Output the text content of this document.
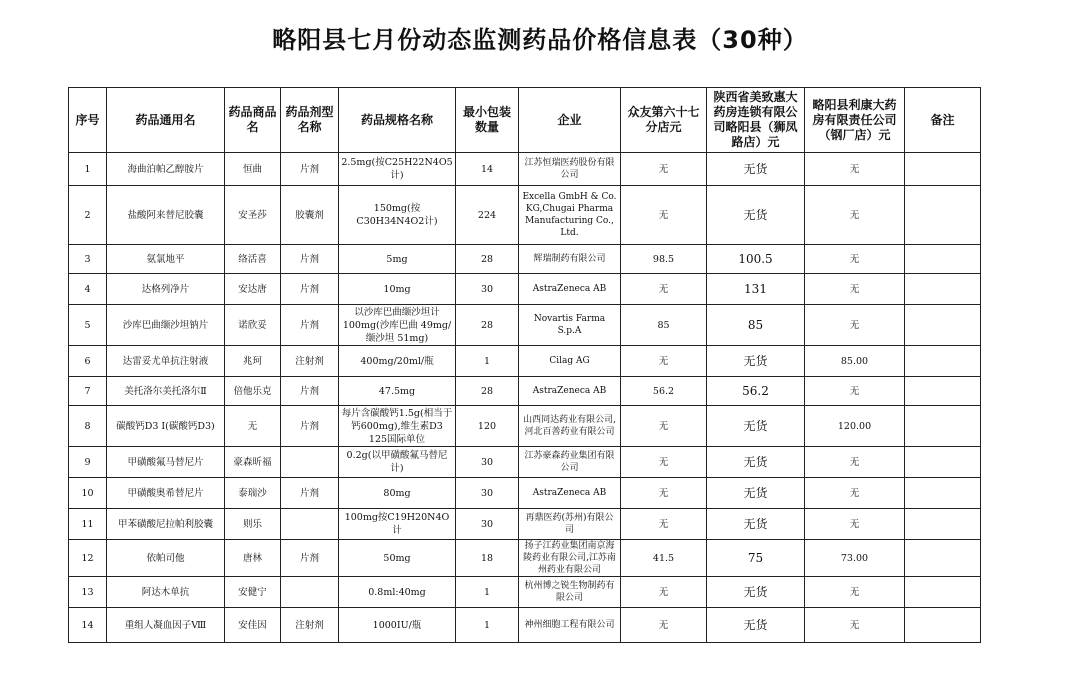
略阳县七月份动态监测药品价格信息表（30种）
序号	药品通用名	药品商品名	药品剂型名称	药品规格名称	最小包装数量	企业	众友第六十七分店元	陕西省美致惠大药房连锁有限公司略阳县（狮凤路店）元	略阳县利康大药房有限责任公司（钢厂店）元	备注
1	海曲泊帕乙醇胺片	恒曲	片剂	2.5mg(按C25H22N4O5计)	14	江苏恒瑞医药股份有限公司	无	无货	无	
2	盐酸阿来替尼胶囊	安圣莎	胶囊剂	150mg(按C30H34N4O2计)	224	Excella GmbH & Co. KG,Chugai Pharma Manufacturing Co., Ltd.	无	无货	无	
3	氨氯地平	络活喜	片剂	5mg	28	辉瑞制药有限公司	98.5	100.5	无	
4	达格列净片	安达唐	片剂	10mg	30	AstraZeneca AB	无	131	无	
5	沙库巴曲缬沙坦钠片	诺欣妥	片剂	以沙库巴曲缬沙坦计100mg(沙库巴曲 49mg/缬沙坦 51mg)	28	Novartis Farma S.p.A	85	85	无	
6	达雷妥尤单抗注射液	兆珂	注射剂	400mg/20ml/瓶	1	Cilag AG	无	无货	85.00	
7	美托洛尔美托洛尔Ⅱ	倍他乐克	片剂	47.5mg	28	AstraZeneca AB	56.2	56.2	无	
8	碳酸钙D3 Ⅰ(碳酸钙D3)	无	片剂	每片含碳酸钙1.5g(相当于钙600mg),维生素D3 125国际单位	120	山西同达药业有限公司,河北百善药业有限公司	无	无货	120.00	
9	甲磺酸氟马替尼片	豪森昕福		0.2g(以甲磺酸氟马替尼计)	30	江苏豪森药业集团有限公司	无	无货	无	
10	甲磺酸奥希替尼片	泰瑞沙	片剂	80mg	30	AstraZeneca AB	无	无货	无	
11	甲苯磺酸尼拉帕利胶囊	则乐		100mg按C19H20N4O计	30	再鼎医药(苏州)有限公司	无	无货	无	
12	依帕司他	唐林	片剂	50mg	18	扬子江药业集团南京海陵药业有限公司,江苏南州药业有限公司	41.5	75	73.00	
13	阿达木单抗	安健宁		0.8ml:40mg	1	杭州博之锐生物制药有限公司	无	无货	无	
14	重组人凝血因子Ⅷ	安佳因	注射剂	1000IU/瓶	1	神州细胞工程有限公司	无	无货	无	
